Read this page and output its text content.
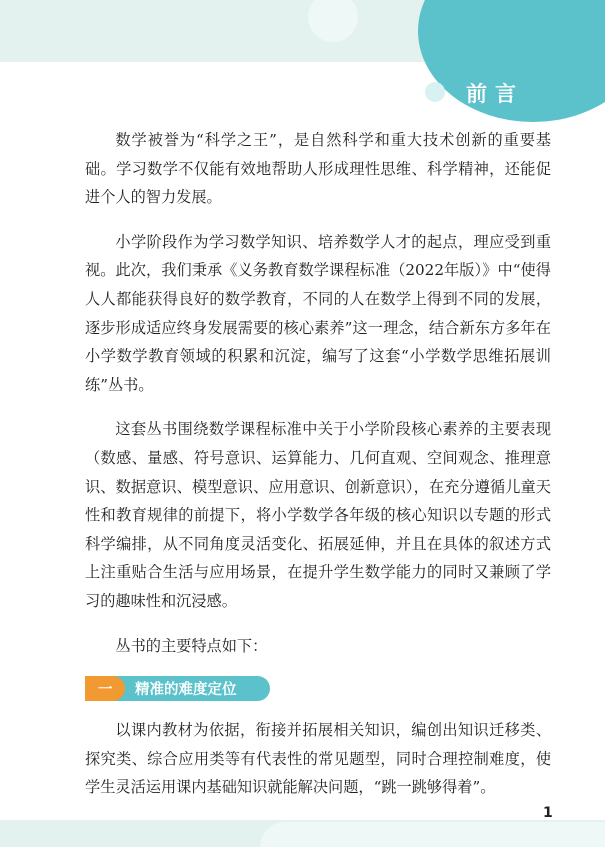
前言

数学被誉为“科学之王”，是自然科学和重大技术创新的重要基础。学习数学不仅能有效地帮助人形成理性思维、科学精神，还能促进个人的智力发展。

小学阶段作为学习数学知识、培养数学人才的起点，理应受到重视。此次，我们秉承《义务教育数学课程标准（2022年版）》中“使得人人都能获得良好的数学教育，不同的人在数学上得到不同的发展，逐步形成适应终身发展需要的核心素养”这一理念，结合新东方多年在小学数学教育领域的积累和沉淀，编写了这套“小学数学思维拓展训练”丛书。

这套丛书围绕数学课程标准中关于小学阶段核心素养的主要表现（数感、量感、符号意识、运算能力、几何直观、空间观念、推理意识、数据意识、模型意识、应用意识、创新意识），在充分遵循儿童天性和教育规律的前提下，将小学数学各年级的核心知识以专题的形式科学编排，从不同角度灵活变化、拓展延伸，并且在具体的叙述方式上注重贴合生活与应用场景，在提升学生数学能力的同时又兼顾了学习的趣味性和沉浸感。

丛书的主要特点如下：

一 精准的难度定位

以课内教材为依据，衔接并拓展相关知识，编创出知识迁移类、探究类、综合应用类等有代表性的常见题型，同时合理控制难度，使学生灵活运用课内基础知识就能解决问题，“跳一跳够得着”。

1
